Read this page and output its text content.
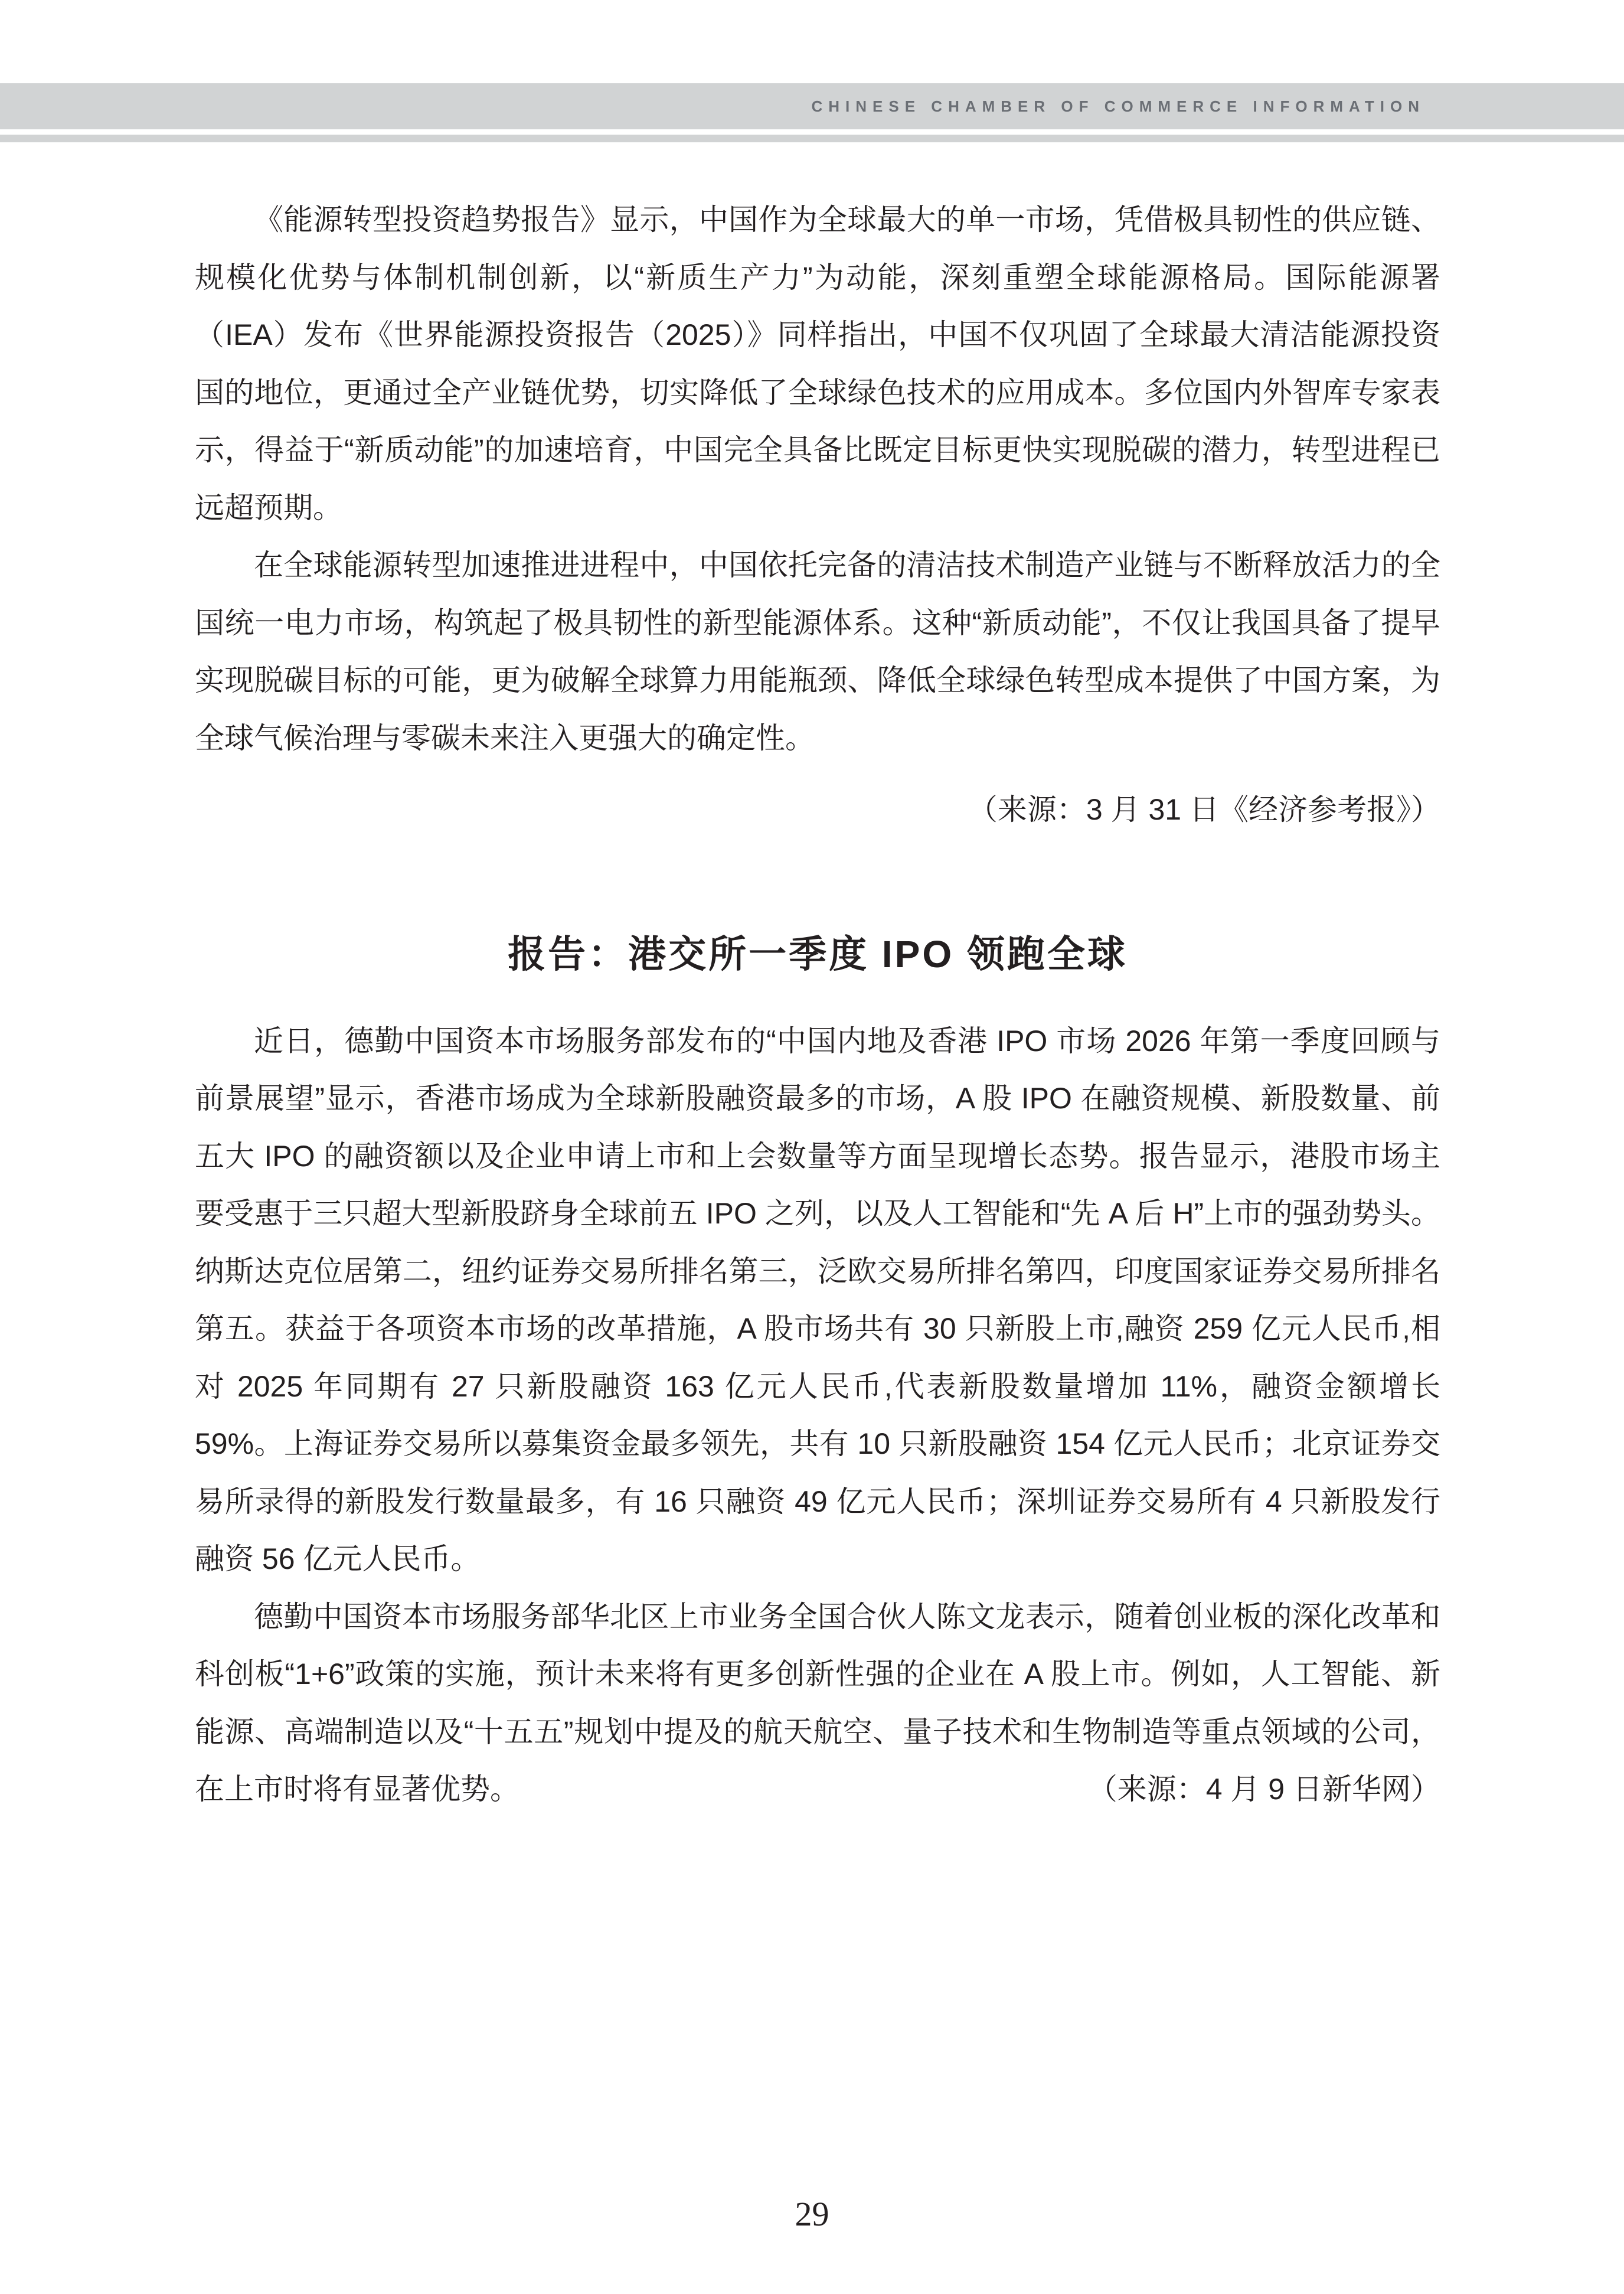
CHINESE CHAMBER OF COMMERCE INFORMATION

《能源转型投资趋势报告》显示，中国作为全球最大的单一市场，凭借极具韧性的供应链、规模化优势与体制机制创新，以“新质生产力”为动能，深刻重塑全球能源格局。国际能源署（IEA）发布《世界能源投资报告（2025）》同样指出，中国不仅巩固了全球最大清洁能源投资国的地位，更通过全产业链优势，切实降低了全球绿色技术的应用成本。多位国内外智库专家表示，得益于“新质动能”的加速培育，中国完全具备比既定目标更快实现脱碳的潜力，转型进程已远超预期。

在全球能源转型加速推进进程中，中国依托完备的清洁技术制造产业链与不断释放活力的全国统一电力市场，构筑起了极具韧性的新型能源体系。这种“新质动能”，不仅让我国具备了提早实现脱碳目标的可能，更为破解全球算力用能瓶颈、降低全球绿色转型成本提供了中国方案，为全球气候治理与零碳未来注入更强大的确定性。

（来源：3 月 31 日《经济参考报》）

报告：港交所一季度 IPO 领跑全球

近日，德勤中国资本市场服务部发布的“中国内地及香港 IPO 市场 2026 年第一季度回顾与前景展望”显示，香港市场成为全球新股融资最多的市场，A 股 IPO 在融资规模、新股数量、前五大 IPO 的融资额以及企业申请上市和上会数量等方面呈现增长态势。报告显示，港股市场主要受惠于三只超大型新股跻身全球前五 IPO 之列，以及人工智能和“先 A 后 H”上市的强劲势头。纳斯达克位居第二，纽约证券交易所排名第三，泛欧交易所排名第四，印度国家证券交易所排名第五。获益于各项资本市场的改革措施，A 股市场共有 30 只新股上市,融资 259 亿元人民币,相对 2025 年同期有 27 只新股融资 163 亿元人民币,代表新股数量增加 11%，融资金额增长 59%。上海证券交易所以募集资金最多领先，共有 10 只新股融资 154 亿元人民币；北京证券交易所录得的新股发行数量最多，有 16 只融资 49 亿元人民币；深圳证券交易所有 4 只新股发行融资 56 亿元人民币。

德勤中国资本市场服务部华北区上市业务全国合伙人陈文龙表示，随着创业板的深化改革和科创板“1+6”政策的实施，预计未来将有更多创新性强的企业在 A 股上市。例如，人工智能、新能源、高端制造以及“十五五”规划中提及的航天航空、量子技术和生物制造等重点领域的公司，在上市时将有显著优势。	（来源：4 月 9 日新华网）

29
